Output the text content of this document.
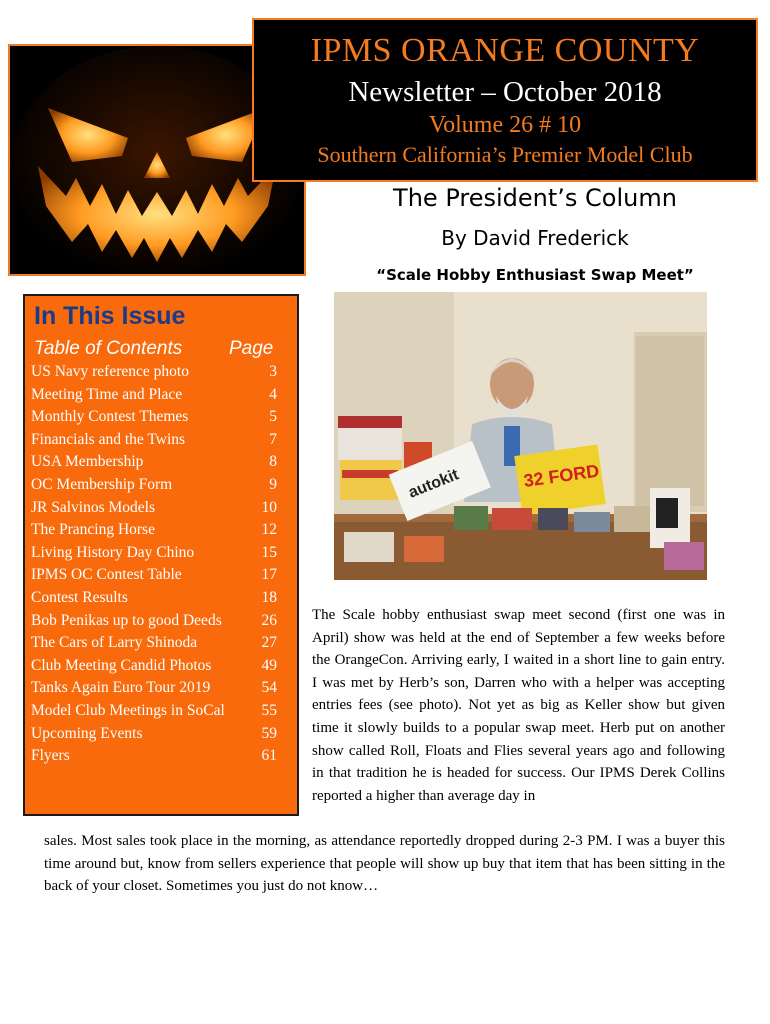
IPMS ORANGE COUNTY
Newsletter – October 2018
Volume 26 # 10
Southern California’s Premier Model Club
The President’s Column
By David Frederick
“Scale Hobby Enthusiast Swap Meet”
autokit	32 FORD
In This Issue
Table of Contents Page
US Navy reference photo	3
Meeting Time and Place	4
Monthly Contest Themes	5
Financials and the Twins	7
USA Membership	8
OC Membership Form	9
JR Salvinos Models	10
The Prancing Horse	12
Living History Day Chino	15
IPMS OC Contest Table	17
Contest Results	18
Bob Penikas up to good Deeds	26
The Cars of Larry Shinoda	27
Club Meeting Candid Photos	49
Tanks Again Euro Tour 2019	54
Model Club Meetings in SoCal 55
Upcoming Events	59
Flyers	61
The Scale hobby enthusiast swap meet second (first one was in April) show was held at the end of September a few weeks before the OrangeCon. Arriving early, I waited in a short line to gain entry. I was met by Herb’s son, Darren who with a helper was accepting entries fees (see photo). Not yet as big as Keller show but given time it slowly builds to a popular swap meet. Herb put on another show called Roll, Floats and Flies several years ago and following in that tradition he is headed for success. Our IPMS Derek Collins reported a higher than average day in
sales. Most sales took place in the morning, as attendance reportedly dropped during 2-3 PM. I was a buyer this time around but, know from sellers experience that people will show up buy that item that has been sitting in the back of your closet. Sometimes you just do not know…
